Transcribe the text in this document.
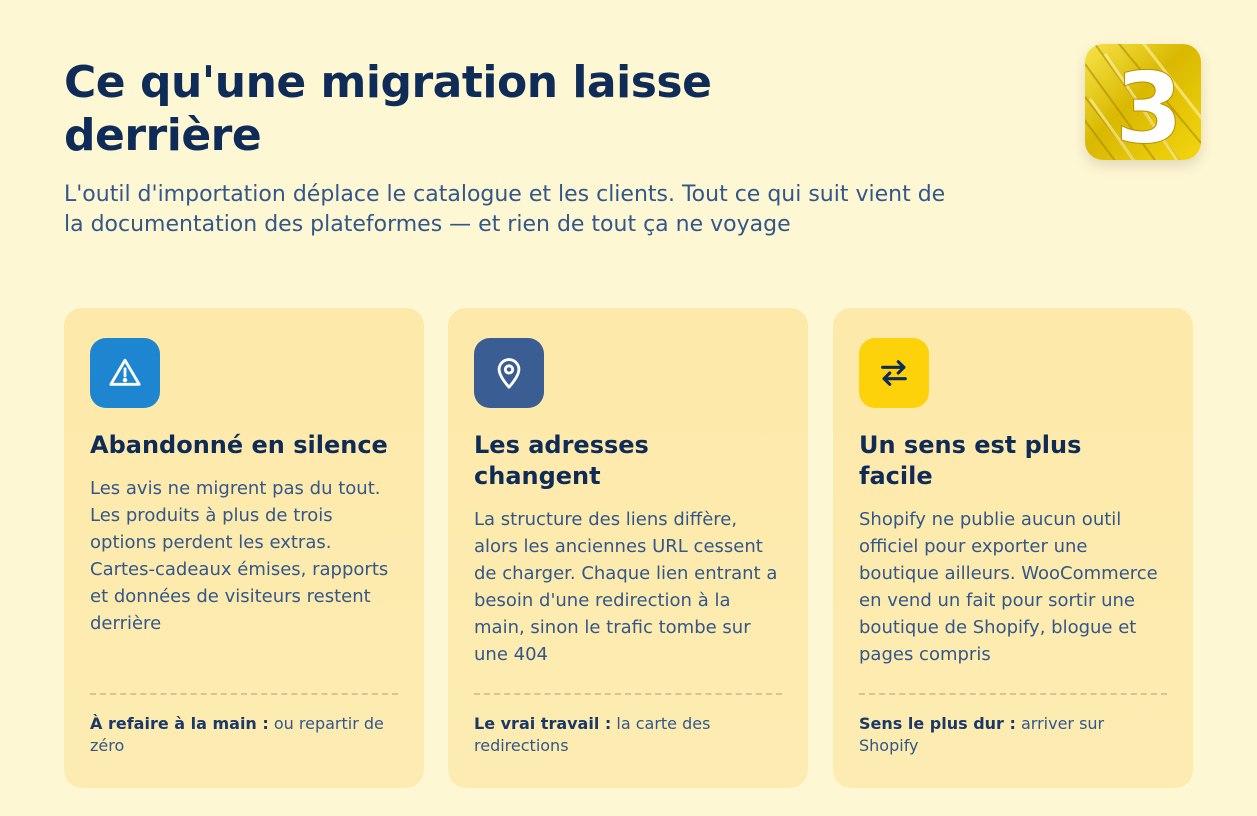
Ce qu'une migration laisse derrière

L'outil d'importation déplace le catalogue et les clients. Tout ce qui suit vient de la documentation des plateformes — et rien de tout ça ne voyage

3
Abandonné en silence

Les avis ne migrent pas du tout. Les produits à plus de trois options perdent les extras. Cartes-cadeaux émises, rapports et données de visiteurs restent derrière

À refaire à la main : ou repartir de zéro
Les adresses changent

La structure des liens diffère, alors les anciennes URL cessent de charger. Chaque lien entrant a besoin d'une redirection à la main, sinon le trafic tombe sur une 404

Le vrai travail : la carte des redirections
Un sens est plus facile

Shopify ne publie aucun outil officiel pour exporter une boutique ailleurs. WooCommerce en vend un fait pour sortir une boutique de Shopify, blogue et pages compris

Sens le plus dur : arriver sur Shopify
